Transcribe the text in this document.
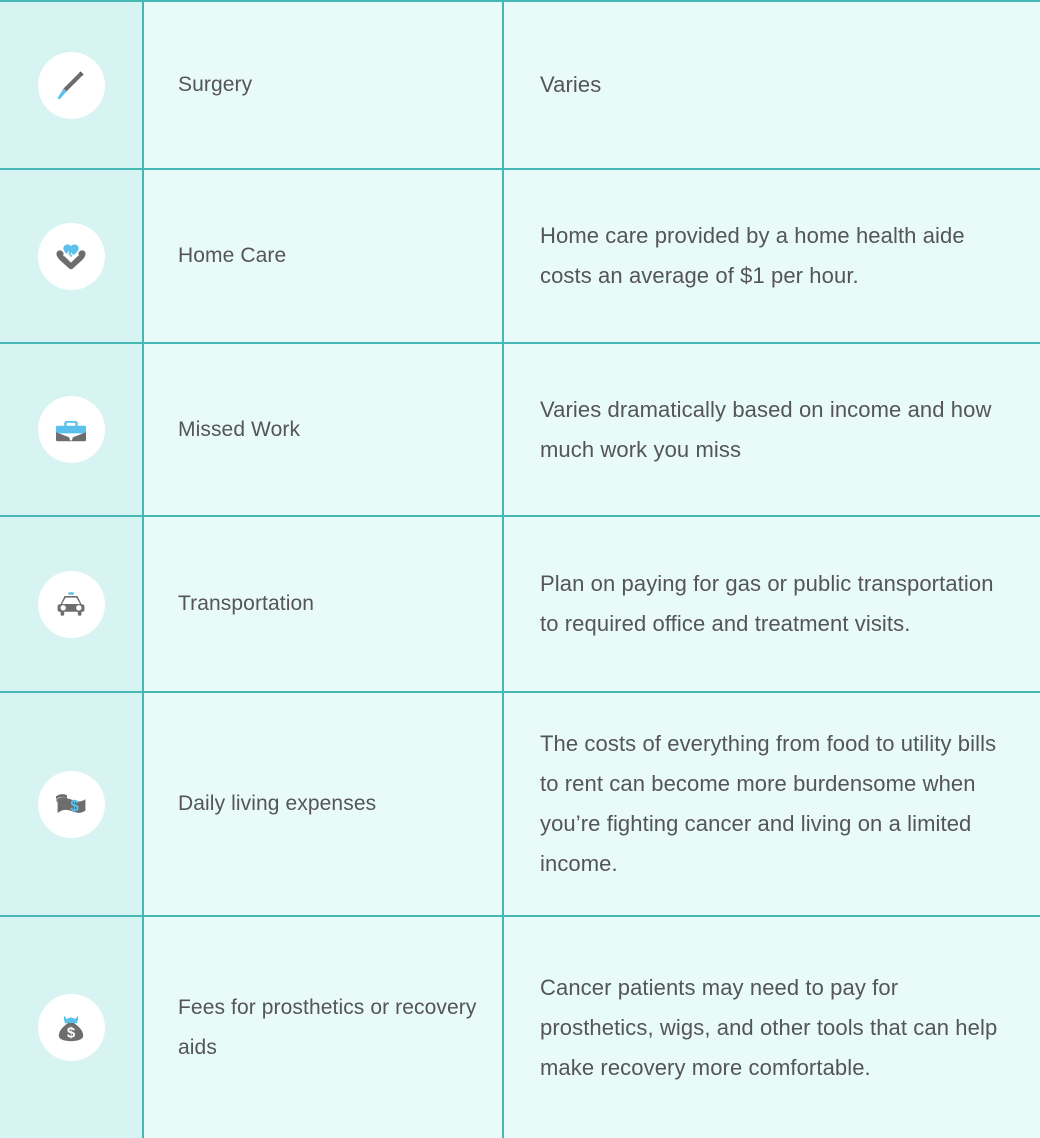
Surgery	Varies
Home Care
Home care provided by a home health aide costs an average of $1 per hour.
Missed Work
Varies dramatically based on income and how much work you miss
Transportation
Plan on paying for gas or public transportation to required office and treatment visits.
$	Daily living expenses
The costs of everything from food to utility bills to rent can become more burdensome when you’re fighting cancer and living on a limited income.
$
Fees for prosthetics or recovery aids
Cancer patients may need to pay for prosthetics, wigs, and other tools that can help make recovery more comfortable.
